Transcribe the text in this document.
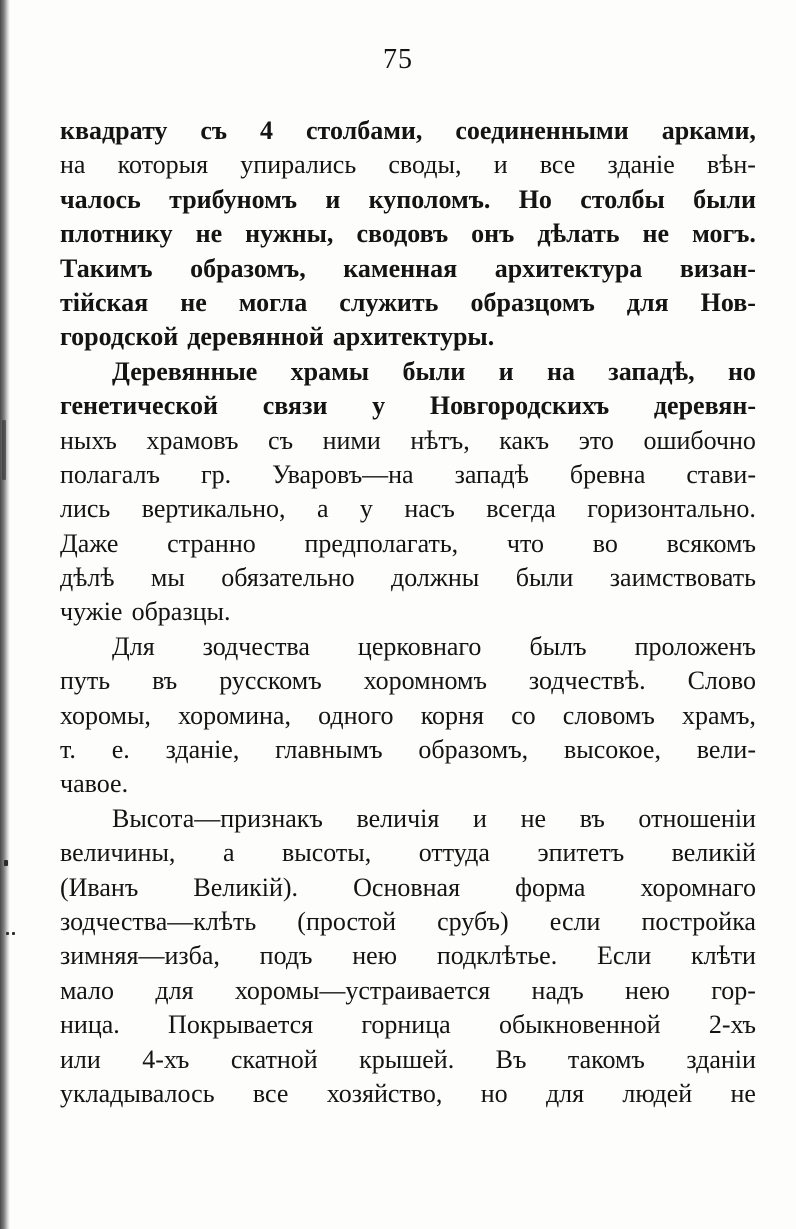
75
квадрату съ 4 столбами, соединенными арками,
на которыя упирались своды, и все зданіе вѣн-
чалось трибуномъ и куполомъ. Но столбы были
плотнику не нужны, сводовъ онъ дѣлать не могъ.
Такимъ образомъ, каменная архитектура визан-
тійская не могла служить образцомъ для Нов-
городской деревянной архитектуры.
Деревянные храмы были и на западѣ, но
генетической связи у Новгородскихъ деревян-
ныхъ храмовъ съ ними нѣтъ, какъ это ошибочно
полагалъ гр. Уваровъ—на западѣ бревна стави-
лись вертикально, а у насъ всегда горизонтально.
Даже странно предполагать, что во всякомъ
дѣлѣ мы обязательно должны были заимствовать
чужіе образцы.
Для зодчества церковнаго былъ проложенъ
путь въ русскомъ хоромномъ зодчествѣ. Слово
хоромы, хоромина, одного корня со словомъ храмъ,
т. е. зданіе, главнымъ образомъ, высокое, вели-
чавое.
Высота—признакъ величія и не въ отношеніи
величины, а высоты, оттуда эпитетъ великій
(Иванъ Великій). Основная форма хоромнаго
зодчества—клѣть (простой срубъ) если постройка
зимняя—изба, подъ нею подклѣтье. Если клѣти
мало для хоромы—устраивается надъ нею гор-
ница. Покрывается горница обыкновенной 2-хъ
или 4-хъ скатной крышей. Въ такомъ зданіи
укладывалось все хозяйство, но для людей не
